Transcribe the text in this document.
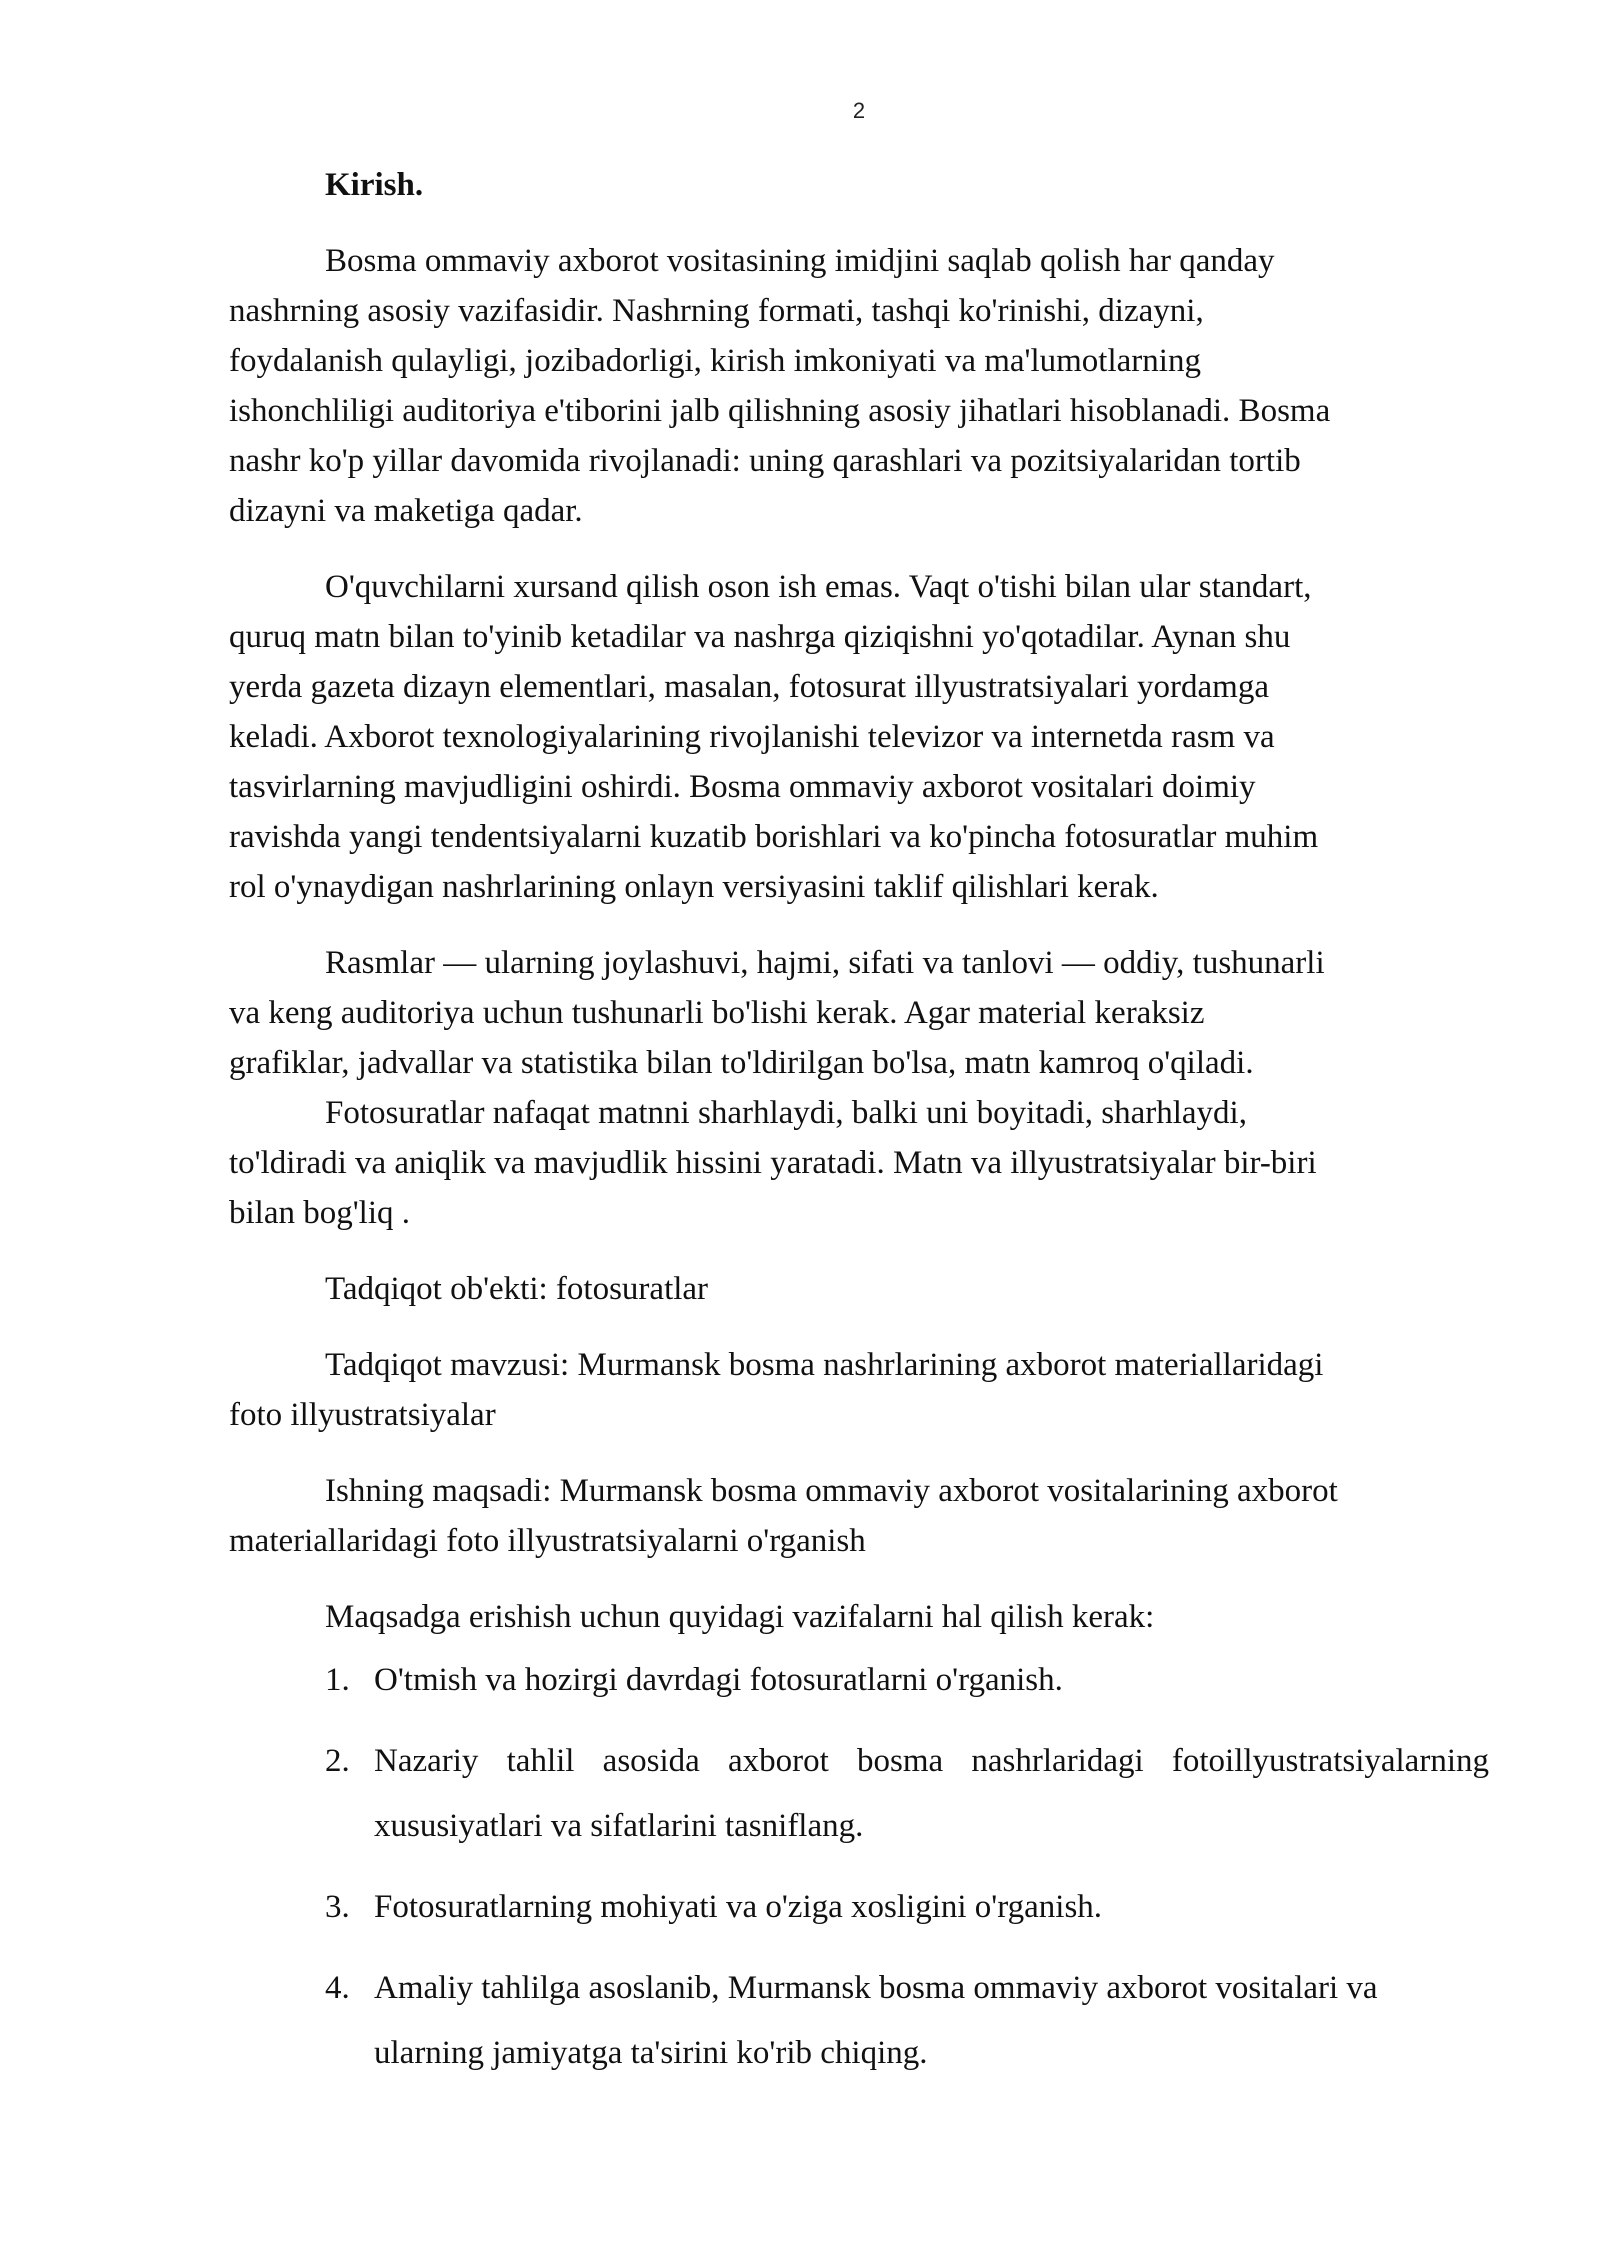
2
Kirish.
Bosma ommaviy axborot vositasining imidjini saqlab qolish har qanday
nashrning asosiy vazifasidir. Nashrning formati, tashqi ko'rinishi, dizayni,
foydalanish qulayligi, jozibadorligi, kirish imkoniyati va ma'lumotlarning
ishonchliligi auditoriya e'tiborini jalb qilishning asosiy jihatlari hisoblanadi. Bosma
nashr ko'p yillar davomida rivojlanadi: uning qarashlari va pozitsiyalaridan tortib
dizayni va maketiga qadar.
O'quvchilarni xursand qilish oson ish emas. Vaqt o'tishi bilan ular standart,
quruq matn bilan to'yinib ketadilar va nashrga qiziqishni yo'qotadilar. Aynan shu
yerda gazeta dizayn elementlari, masalan, fotosurat illyustratsiyalari yordamga
keladi. Axborot texnologiyalarining rivojlanishi televizor va internetda rasm va
tasvirlarning mavjudligini oshirdi. Bosma ommaviy axborot vositalari doimiy
ravishda yangi tendentsiyalarni kuzatib borishlari va ko'pincha fotosuratlar muhim
rol o'ynaydigan nashrlarining onlayn versiyasini taklif qilishlari kerak.
Rasmlar — ularning joylashuvi, hajmi, sifati va tanlovi — oddiy, tushunarli
va keng auditoriya uchun tushunarli bo'lishi kerak. Agar material keraksiz
grafiklar, jadvallar va statistika bilan to'ldirilgan bo'lsa, matn kamroq o'qiladi.
Fotosuratlar nafaqat matnni sharhlaydi, balki uni boyitadi, sharhlaydi,
to'ldiradi va aniqlik va mavjudlik hissini yaratadi. Matn va illyustratsiyalar bir-biri
bilan bog'liq .
Tadqiqot ob'ekti: fotosuratlar
Tadqiqot mavzusi: Murmansk bosma nashrlarining axborot materiallaridagi
foto illyustratsiyalar
Ishning maqsadi: Murmansk bosma ommaviy axborot vositalarining axborot
materiallaridagi foto illyustratsiyalarni o'rganish
Maqsadga erishish uchun quyidagi vazifalarni hal qilish kerak:
1. O'tmish va hozirgi davrdagi fotosuratlarni o'rganish.
2. Nazariy tahlil asosida axborot bosma nashrlaridagi fotoillyustratsiyalarning xususiyatlari va sifatlarini tasniflang.
3. Fotosuratlarning mohiyati va o'ziga xosligini o'rganish.
4. Amaliy tahlilga asoslanib, Murmansk bosma ommaviy axborot vositalari va ularning jamiyatga ta'sirini ko'rib chiqing.
